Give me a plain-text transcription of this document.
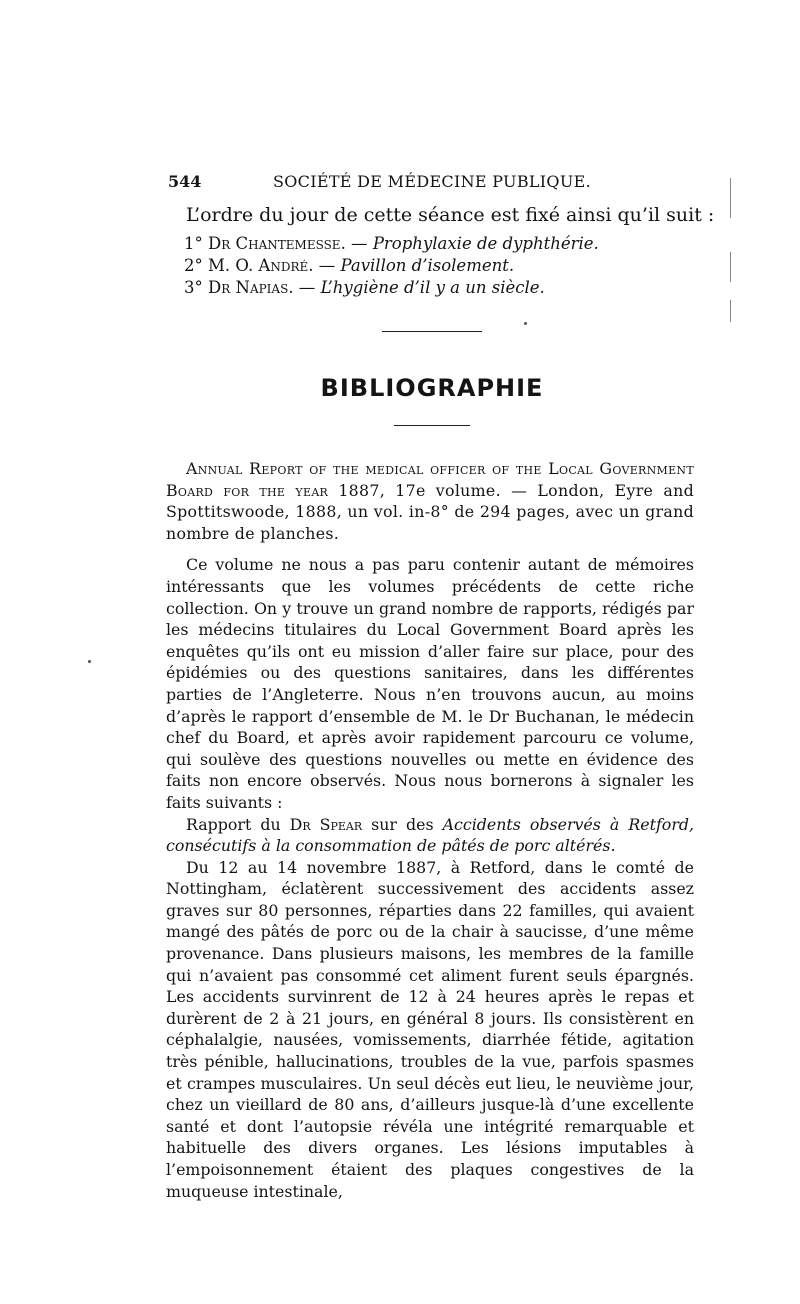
544	SOCIÉTÉ DE MÉDECINE PUBLIQUE.
L’ordre du jour de cette séance est fixé ainsi qu’il suit :
1° Dr Chantemesse. — Prophylaxie de dyphthérie.
2° M. O. André. — Pavillon d’isolement.
3° Dr Napias. — L’hygiène d’il y a un siècle.
BIBLIOGRAPHIE

Annual Report of the medical officer of the Local Government Board for the year 1887, 17e volume. — London, Eyre and Spottitswoode, 1888, un vol. in-8° de 294 pages, avec un grand nombre de planches.

Ce volume ne nous a pas paru contenir autant de mémoires intéressants que les volumes précédents de cette riche collection. On y trouve un grand nombre de rapports, rédigés par les médecins titulaires du Local Government Board après les enquêtes qu’ils ont eu mission d’aller faire sur place, pour des épidémies ou des questions sanitaires, dans les différentes parties de l’Angleterre. Nous n’en trouvons aucun, au moins d’après le rapport d’ensemble de M. le Dr Buchanan, le médecin chef du Board, et après avoir rapidement parcouru ce volume, qui soulève des questions nouvelles ou mette en évidence des faits non encore observés. Nous nous bornerons à signaler les faits suivants :

Rapport du Dr Spear sur des Accidents observés à Retford, consécutifs à la consommation de pâtés de porc altérés.

Du 12 au 14 novembre 1887, à Retford, dans le comté de Nottingham, éclatèrent successivement des accidents assez graves sur 80 personnes, réparties dans 22 familles, qui avaient mangé des pâtés de porc ou de la chair à saucisse, d’une même provenance. Dans plusieurs maisons, les membres de la famille qui n’avaient pas consommé cet aliment furent seuls épargnés. Les accidents survinrent de 12 à 24 heures après le repas et durèrent de 2 à 21 jours, en général 8 jours. Ils consistèrent en céphalalgie, nausées, vomissements, diarrhée fétide, agitation très pénible, hallucinations, troubles de la vue, parfois spasmes et crampes musculaires. Un seul décès eut lieu, le neuvième jour, chez un vieillard de 80 ans, d’ailleurs jusque-là d’une excellente santé et dont l’autopsie révéla une intégrité remarquable et habituelle des divers organes. Les lésions imputables à l’empoisonnement étaient des plaques congestives de la muqueuse intestinale,
